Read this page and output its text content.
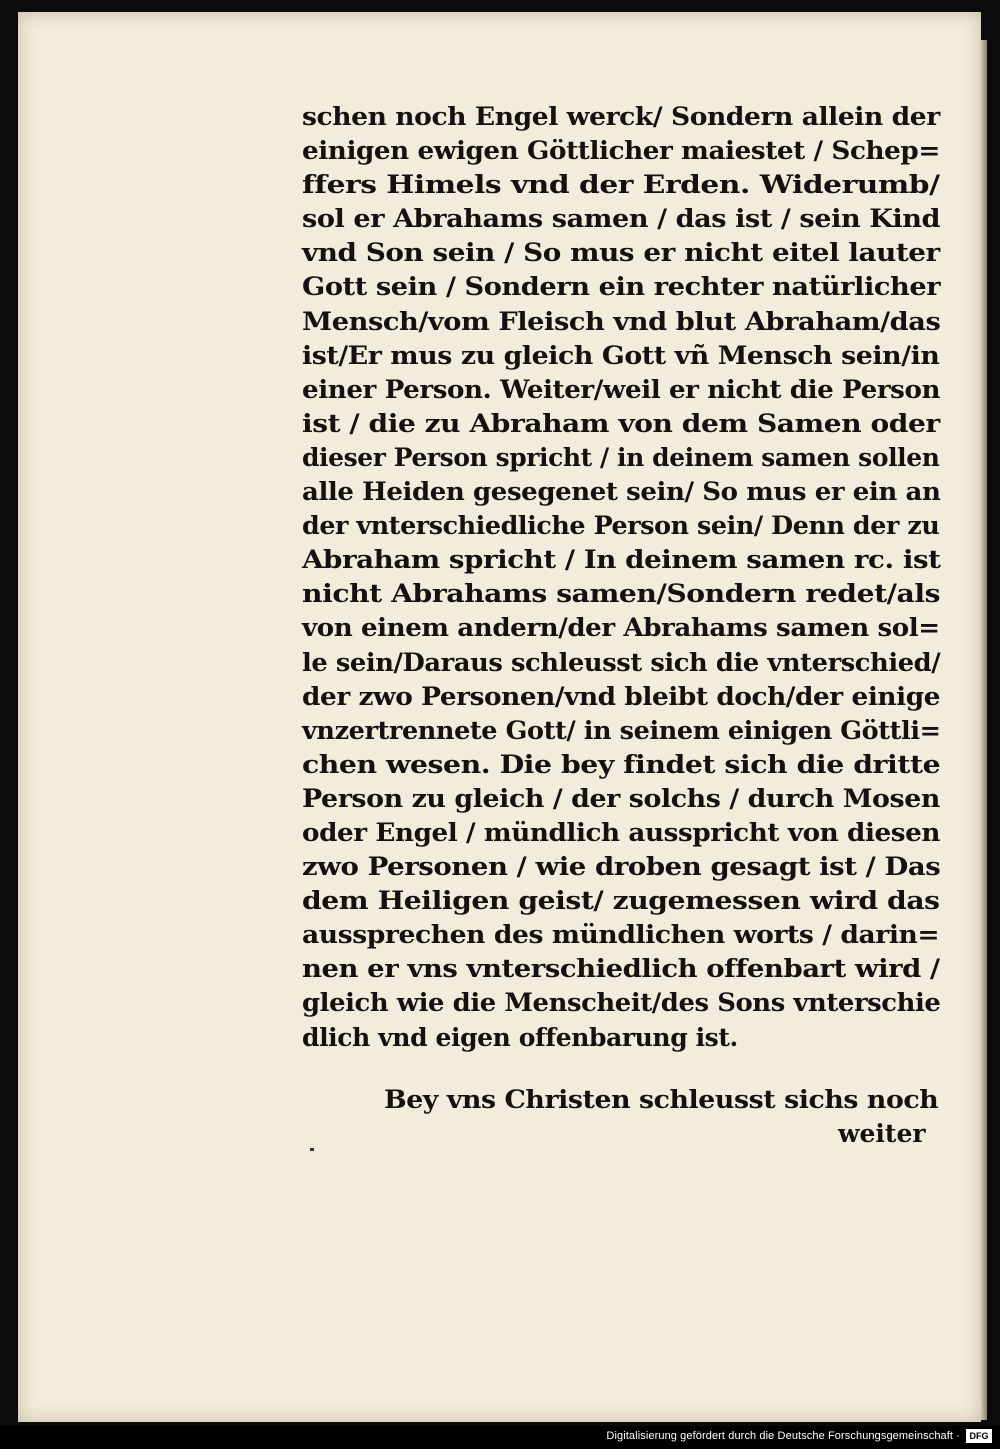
schen noch Engel werck/ Sondern allein der
einigen ewigen Göttlicher maiestet / Schep=
ffers Himels vnd der Erden. Widerumb/
sol er Abrahams samen / das ist / sein Kind
vnd Son sein / So mus er nicht eitel lauter
Gott sein / Sondern ein rechter natürlicher
Mensch/vom Fleisch vnd blut Abraham/das
ist/Er mus zu gleich Gott vñ Mensch sein/in
einer Person. Weiter/weil er nicht die Person
ist / die zu Abraham von dem Samen oder
dieser Person spricht / in deinem samen sollen
alle Heiden gesegenet sein/ So mus er ein an
der vnterschiedliche Person sein/ Denn der zu
Abraham spricht / In deinem samen rc. ist
nicht Abrahams samen/Sondern redet/als
von einem andern/der Abrahams samen sol=
le sein/Daraus schleusst sich die vnterschied/
der zwo Personen/vnd bleibt doch/der einige
vnzertrennete Gott/ in seinem einigen Göttli=
chen wesen. Die bey findet sich die dritte
Person zu gleich / der solchs / durch Mosen
oder Engel / mündlich ausspricht von diesen
zwo Personen / wie droben gesagt ist / Das
dem Heiligen geist/ zugemessen wird das
aussprechen des mündlichen worts / darin=
nen er vns vnterschiedlich offenbart wird /
gleich wie die Menscheit/des Sons vnterschie
dlich vnd eigen offenbarung ist.
Bey vns Christen schleusst sichs noch
weiter
Digitalisierung gefördert durch die Deutsche Forschungsgemeinschaft ·	DFG
